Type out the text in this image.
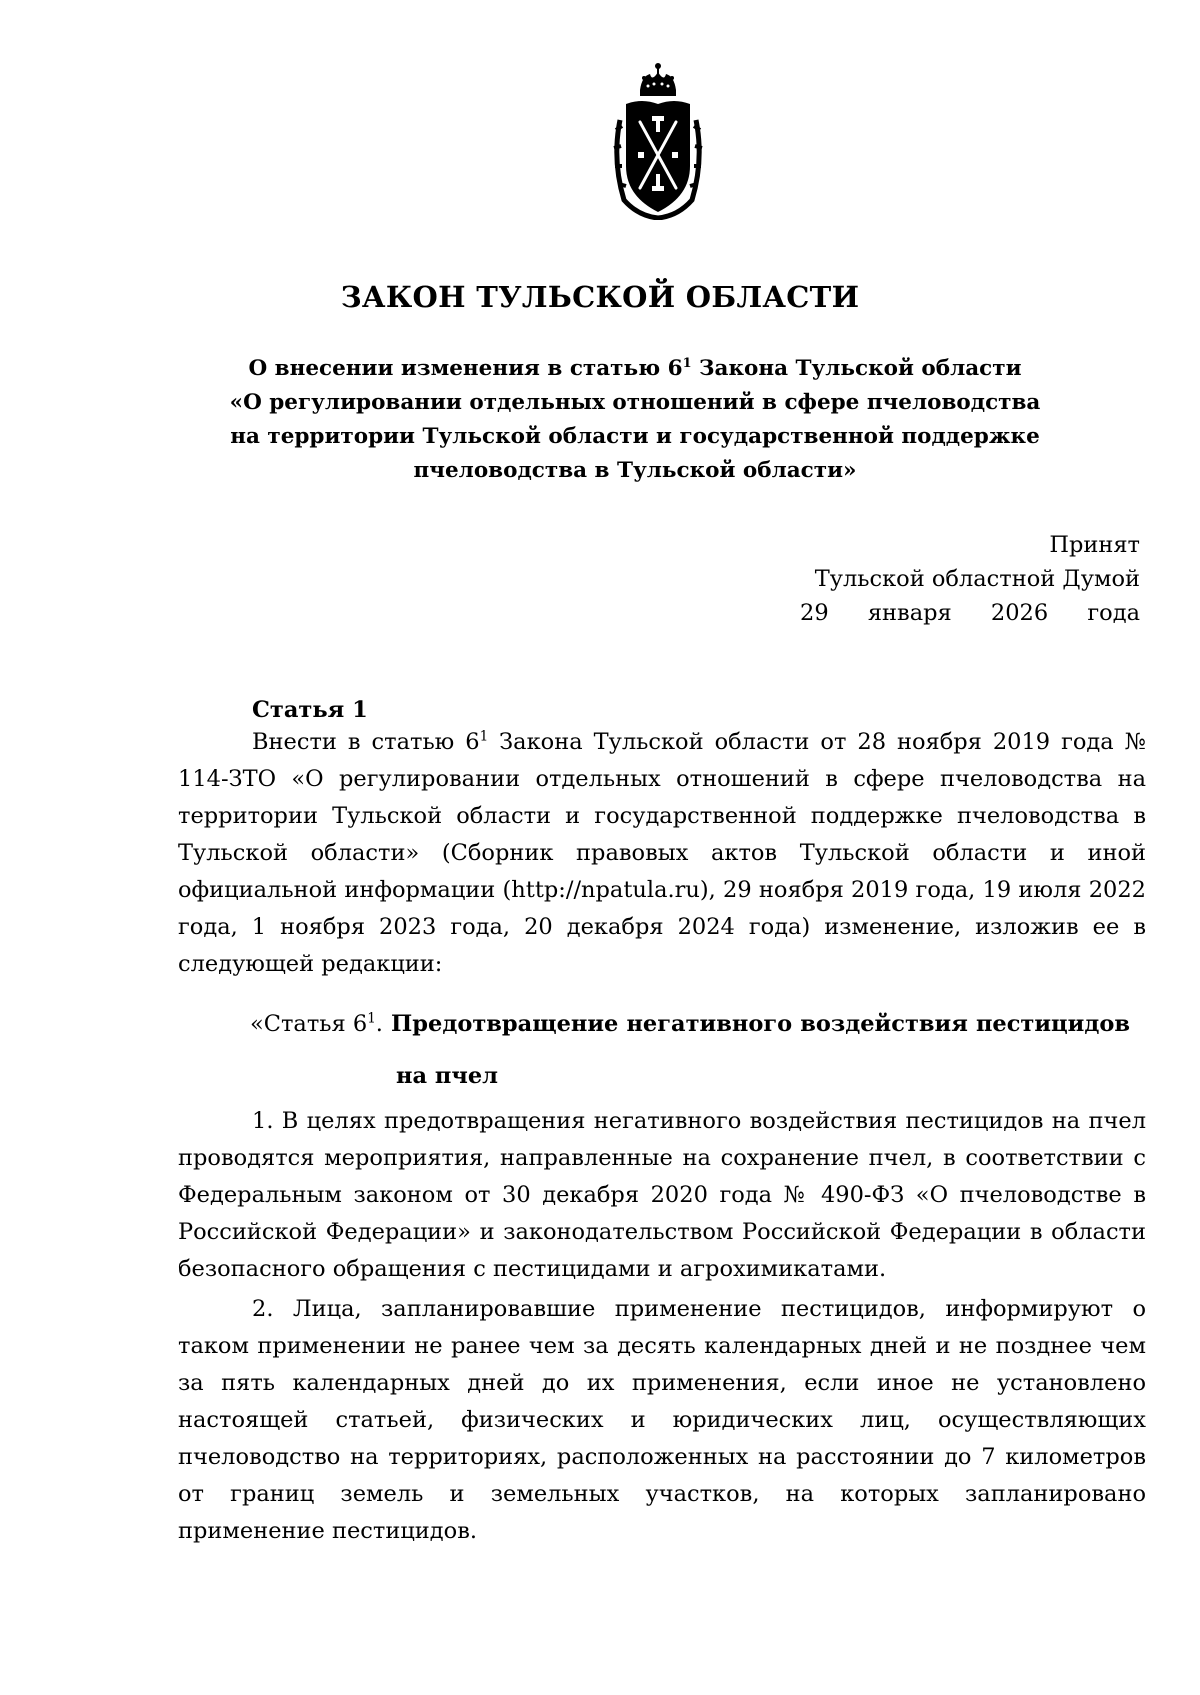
ЗАКОН ТУЛЬСКОЙ ОБЛАСТИ
О внесении изменения в статью $6^1$ Закона Тульской области
«О регулировании отдельных отношений в сфере пчеловодства
на территории Тульской области и государственной поддержке
пчеловодства в Тульской области»
Принят
Тульской областной Думой
29 января 2026 года
Статья 1

Внести в статью $6^1$ Закона Тульской области от 28 ноября 2019 года № 114-ЗТО «О регулировании отдельных отношений в сфере пчеловодства на территории Тульской области и государственной поддержке пчеловодства в Тульской области» (Сборник правовых актов Тульской области и иной официальной информации (http://npatula.ru), 29 ноября 2019 года, 19 июля 2022 года, 1 ноября 2023 года, 20 декабря 2024 года) изменение, изложив ее в следующей редакции:

«Статья $6^1$. Предотвращение негативного воздействия пестицидов
на пчел

1. В целях предотвращения негативного воздействия пестицидов на пчел проводятся мероприятия, направленные на сохранение пчел, в соответствии с Федеральным законом от 30 декабря 2020 года № 490-ФЗ «О пчеловодстве в Российской Федерации» и законодательством Российской Федерации в области безопасного обращения с пестицидами и агрохимикатами.

2. Лица, запланировавшие применение пестицидов, информируют о таком применении не ранее чем за десять календарных дней и не позднее чем за пять календарных дней до их применения, если иное не установлено настоящей статьей, физических и юридических лиц, осуществляющих пчеловодство на территориях, расположенных на расстоянии до 7 километров от границ земель и земельных участков, на которых запланировано применение пестицидов.
